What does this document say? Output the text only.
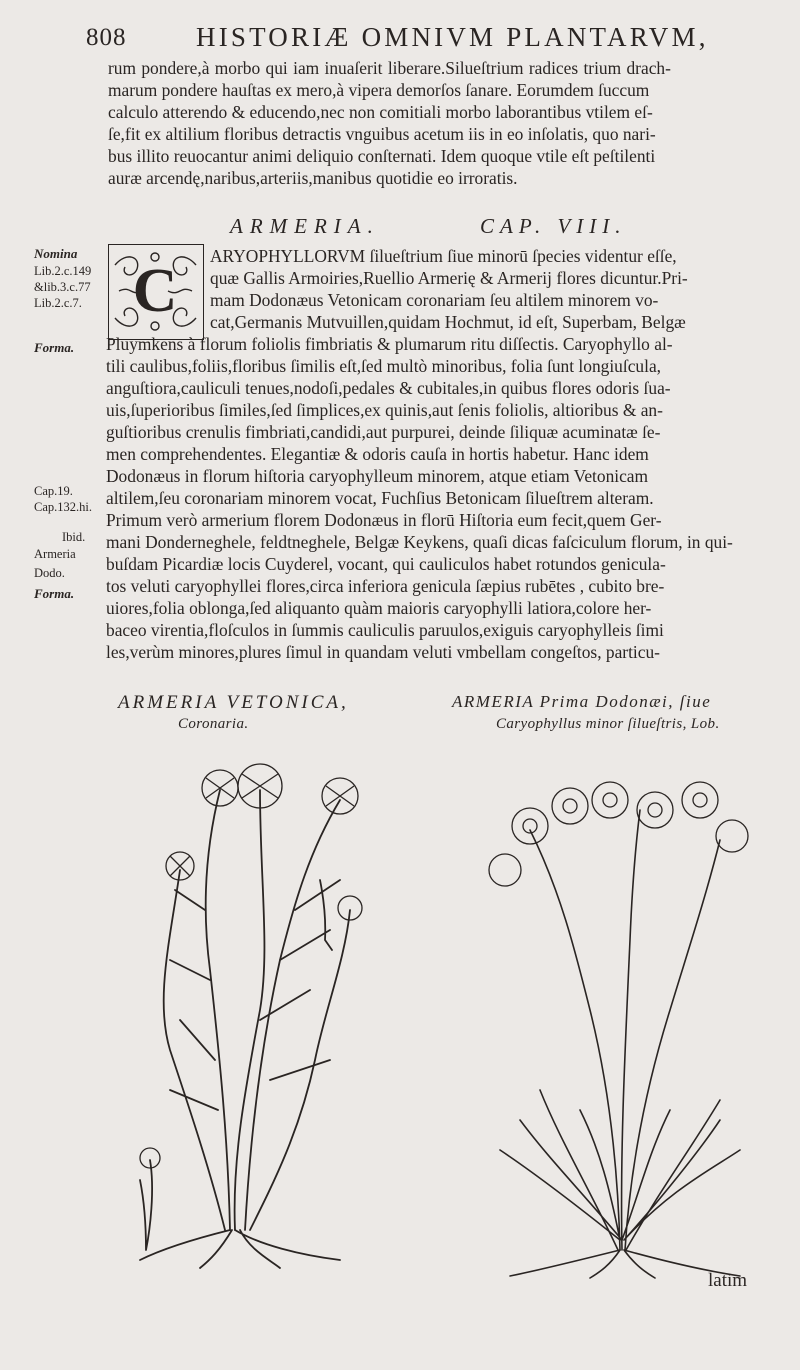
808	HISTORIÆ OMNIVM PLANTARVM,
rum pondere,à morbo qui iam inuaſerit liberare.Silueſtrium radices trium drach-
marum pondere hauſtas ex mero,à vipera demorſos ſanare. Eorumdem ſuccum
calculo atterendo & educendo,nec non comitiali morbo laborantibus vtilem eſ-
ſe,fit ex altilium floribus detractis vnguibus acetum iis in eo inſolatis, quo nari-
bus illito reuocantur animi deliquio conſternati. Idem quoque vtile eſt peſtilenti
auræ arcendę,naribus,arteriis,manibus quotidie eo irroratis.
ARMERIA.	CAP. VIII.
Nomina
Lib.2.c.149
&lib.3.c.77
Lib.2.c.7.
Forma.
Cap.19.
Cap.132.hi.
Ibid.
Armeria
Dodo.
Forma.
C
ARYOPHYLLORVM ſilueſtrium ſiue minorū ſpecies videntur eſſe,
quæ Gallis Armoiries,Ruellio Armerię & Armerij flores dicuntur.Pri-
mam Dodonæus Vetonicam coronariam ſeu altilem minorem vo-
cat,Germanis Mutvuillen,quidam Hochmut, id eſt, Superbam, Belgæ
Pluymkens à florum foliolis fimbriatis & plumarum ritu diſſectis. Caryophyllo al-
tili caulibus,foliis,floribus ſimilis eſt,ſed multò minoribus, folia ſunt longiuſcula,
anguſtiora,cauliculi tenues,nodoſi,pedales & cubitales,in quibus flores odoris ſua-
uis,ſuperioribus ſimiles,ſed ſimplices,ex quinis,aut ſenis foliolis, altioribus & an-
guſtioribus crenulis fimbriati,candidi,aut purpurei, deinde ſiliquæ acuminatæ ſe-
men comprehendentes. Elegantiæ & odoris cauſa in hortis habetur. Hanc idem
Dodonæus in florum hiſtoria caryophylleum minorem, atque etiam Vetonicam
altilem,ſeu coronariam minorem vocat, Fuchſius Betonicam ſilueſtrem alteram.
Primum verò armerium florem Dodonæus in florū Hiſtoria eum fecit,quem Ger-
mani Donderneghele, feldtneghele, Belgæ Keykens, quaſi dicas faſciculum florum, in qui-
buſdam Picardiæ locis Cuyderel, vocant, qui cauliculos habet rotundos genicula-
tos veluti caryophyllei flores,circa inferiora genicula ſæpius rubētes , cubito bre-
uiores,folia oblonga,ſed aliquanto quàm maioris caryophylli latiora,colore her-
baceo virentia,floſculos in ſummis cauliculis paruulos,exiguis caryophylleis ſimi
les,verùm minores,plures ſimul in quandam veluti vmbellam congeſtos, particu-
ARMERIA VETONICA,
Coronaria.
ARMERIA Prima Dodonæi, ſiue
Caryophyllus minor ſilueſtris, Lob.
latim
